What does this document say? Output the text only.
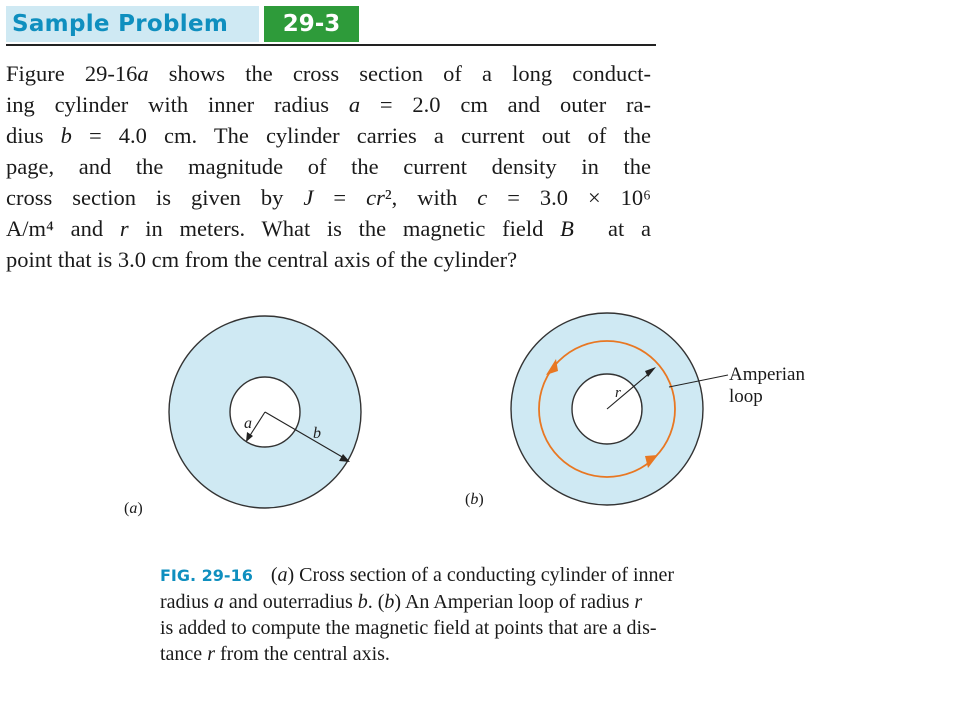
Sample Problem	29-3
Figure 29-16a shows the cross section of a long conduct-
ing cylinder with inner radius a = 2.0 cm and outer ra-
dius b = 4.0 cm. The cylinder carries a current out of the
page, and the magnitude of the current density in the
cross section is given by J = cr², with c = 3.0 × 10⁶
A/m⁴ and r in meters. What is the magnetic field B⃗ at a
point that is 3.0 cm from the central axis of the cylinder?
a
b
(a)
r
Amperian
loop
(b)
FIG. 29-16 (a) Cross section of a conducting cylinder of inner
radius a and outerradius b. (b) An Amperian loop of radius r
is added to compute the magnetic field at points that are a dis-
tance r from the central axis.
